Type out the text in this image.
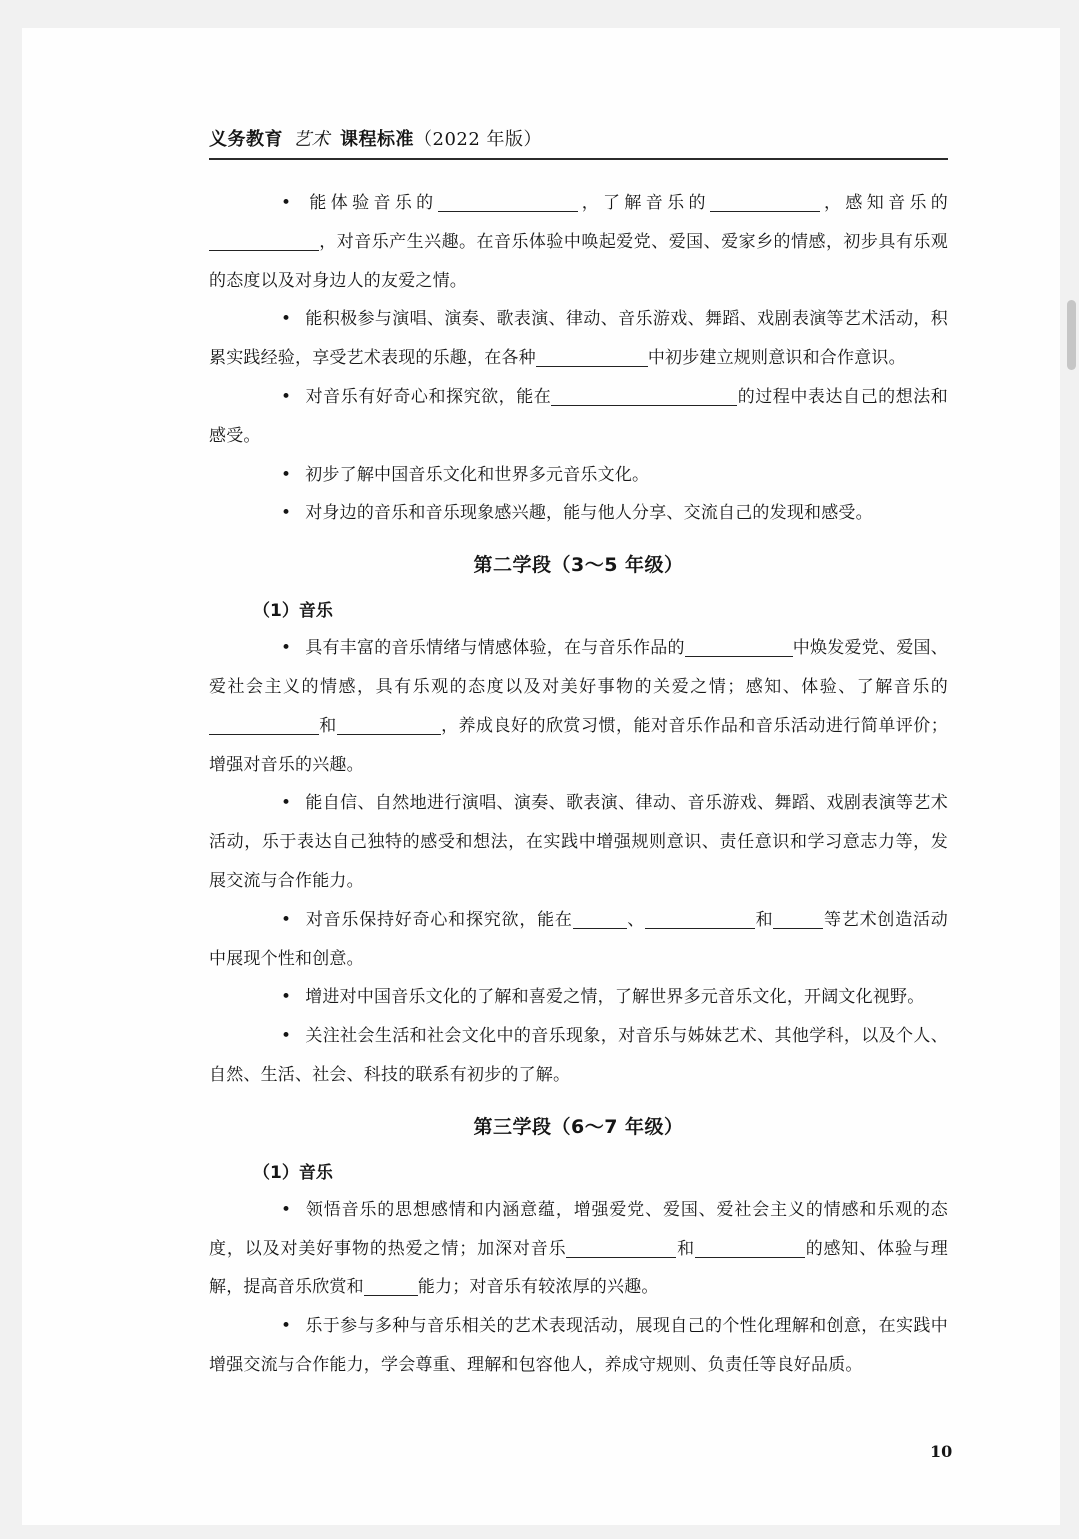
义务教育 艺术 课程标准（2022 年版）

• 能体验音乐的	，了解音乐的	，感知音乐的，对音乐产生兴趣。在音乐体验中唤起爱党、爱国、爱家乡的情感，初步具有乐观的态度以及对身边人的友爱之情。

• 能积极参与演唱、演奏、歌表演、律动、音乐游戏、舞蹈、戏剧表演等艺术活动，积累实践经验，享受艺术表现的乐趣，在各种	中初步建立规则意识和合作意识。

• 对音乐有好奇心和探究欲，能在	的过程中表达自己的想法和感受。

• 初步了解中国音乐文化和世界多元音乐文化。

• 对身边的音乐和音乐现象感兴趣，能与他人分享、交流自己的发现和感受。

第二学段（3～5 年级）
（1）音乐

• 具有丰富的音乐情绪与情感体验，在与音乐作品的	中焕发爱党、爱国、爱社会主义的情感，具有乐观的态度以及对美好事物的关爱之情；感知、体验、了解音乐的和	，养成良好的欣赏习惯，能对音乐作品和音乐活动进行简单评价；增强对音乐的兴趣。

• 能自信、自然地进行演唱、演奏、歌表演、律动、音乐游戏、舞蹈、戏剧表演等艺术活动，乐于表达自己独特的感受和想法，在实践中增强规则意识、责任意识和学习意志力等，发展交流与合作能力。

• 对音乐保持好奇心和探究欲，能在	、	和	等艺术创造活动中展现个性和创意。

• 增进对中国音乐文化的了解和喜爱之情，了解世界多元音乐文化，开阔文化视野。

• 关注社会生活和社会文化中的音乐现象，对音乐与姊妹艺术、其他学科，以及个人、自然、生活、社会、科技的联系有初步的了解。

第三学段（6～7 年级）
（1）音乐

• 领悟音乐的思想感情和内涵意蕴，增强爱党、爱国、爱社会主义的情感和乐观的态度，以及对美好事物的热爱之情；加深对音乐	和	的感知、体验与理解，提高音乐欣赏和	能力；对音乐有较浓厚的兴趣。

• 乐于参与多种与音乐相关的艺术表现活动，展现自己的个性化理解和创意，在实践中增强交流与合作能力，学会尊重、理解和包容他人，养成守规则、负责任等良好品质。

10
